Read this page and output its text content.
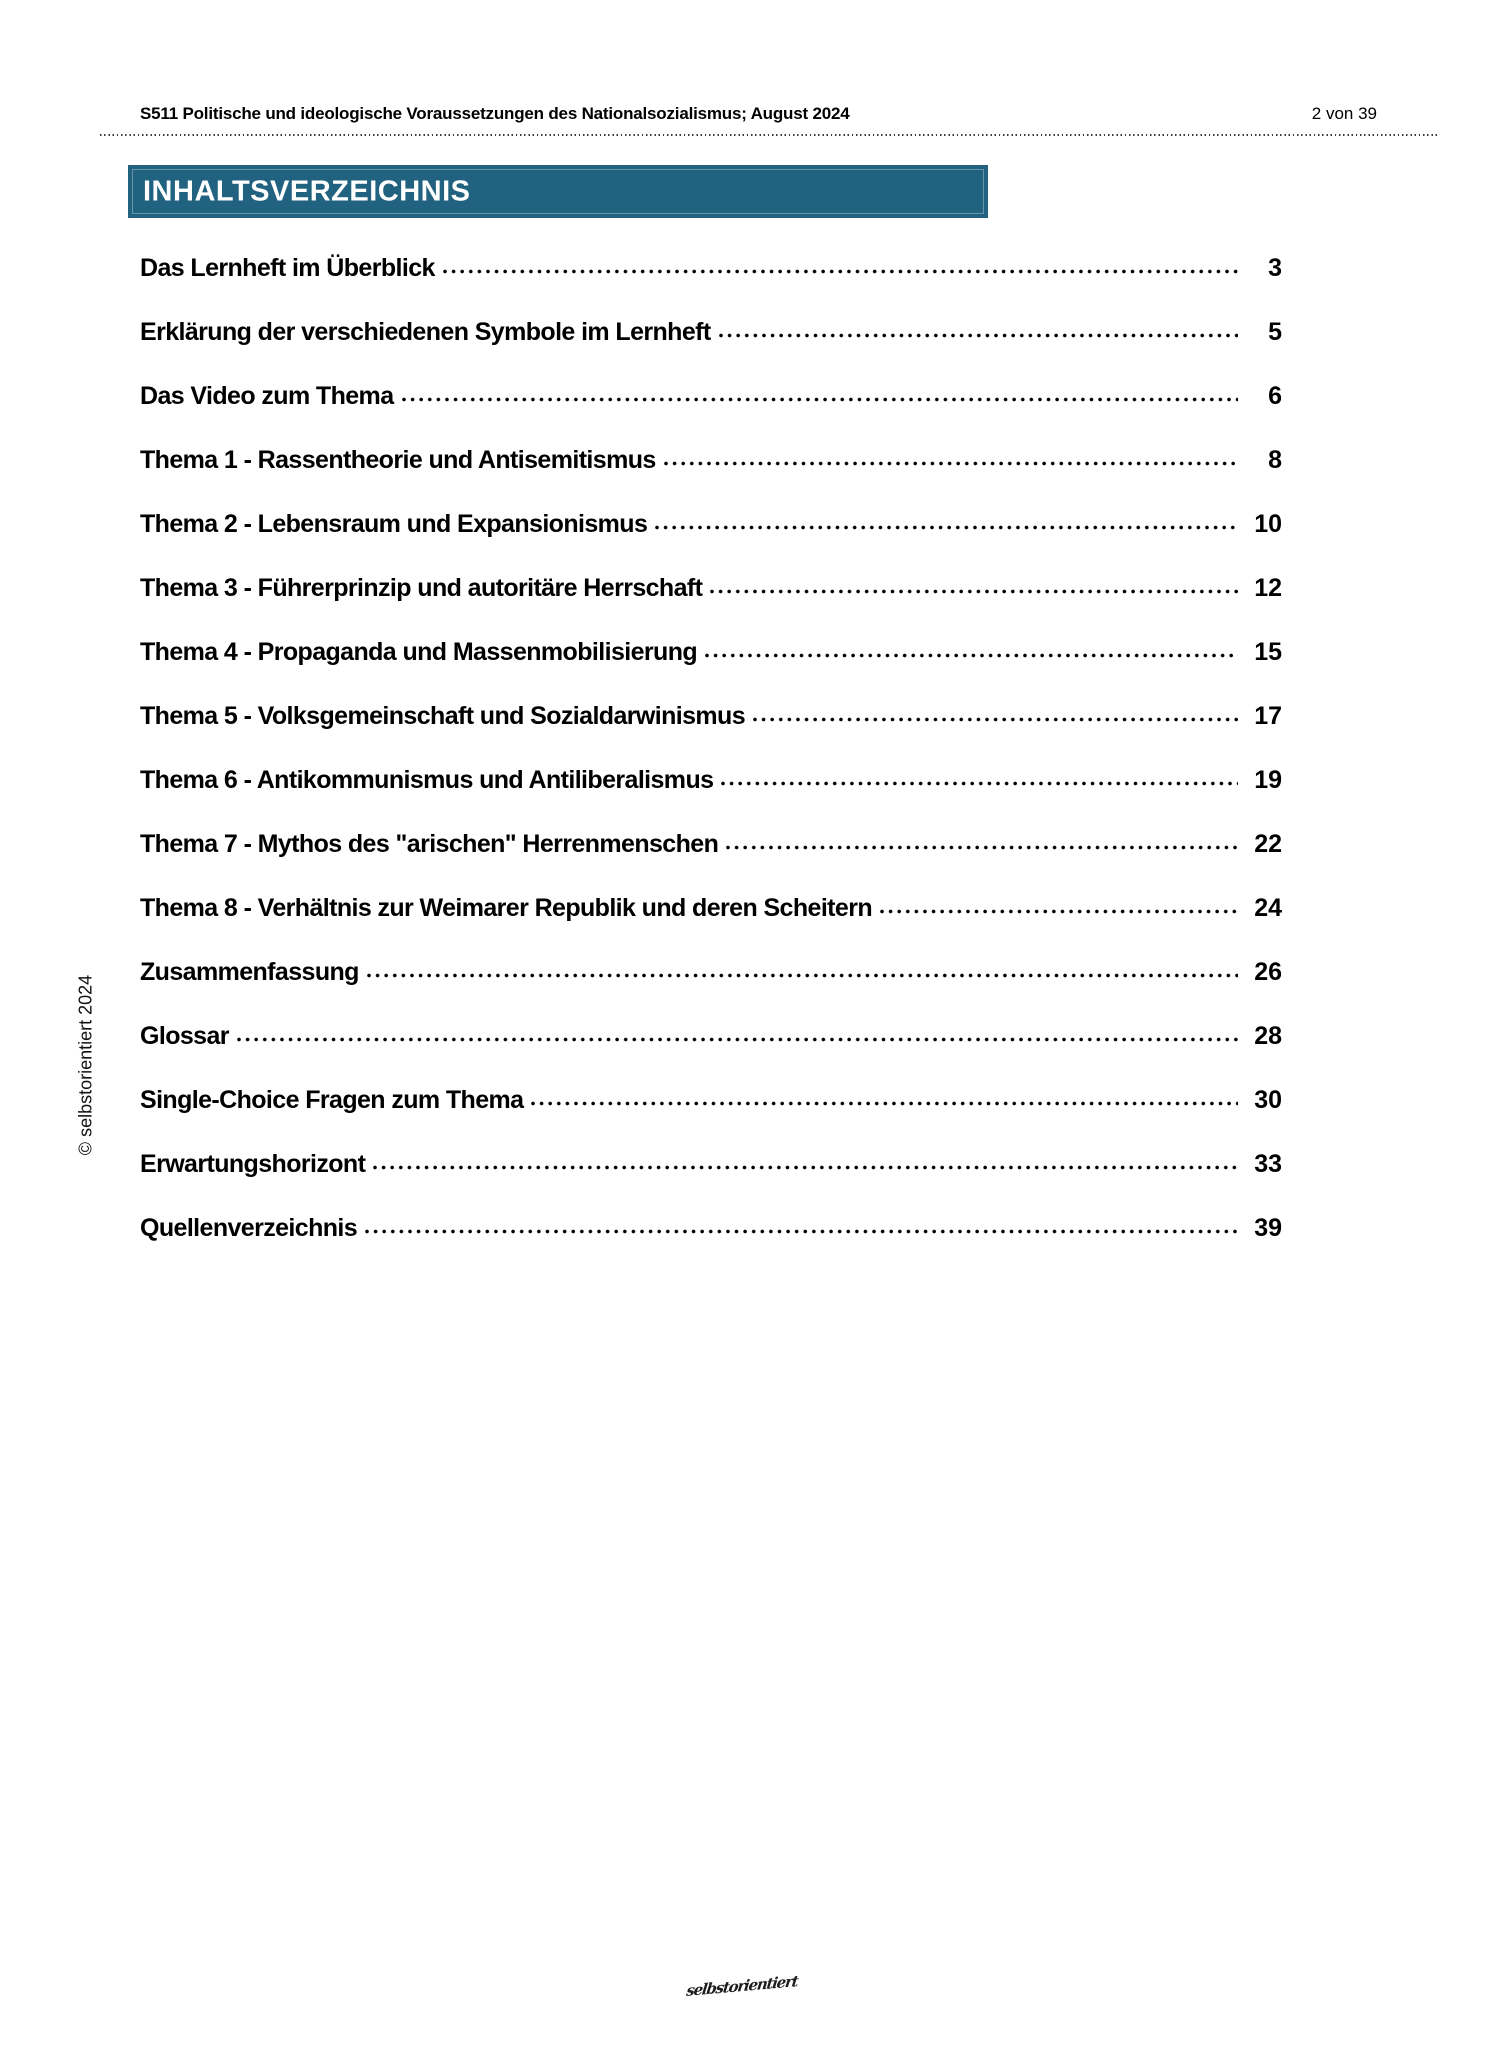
S511 Politische und ideologische Voraussetzungen des Nationalsozialismus; August 2024	2 von 39
INHALTSVERZEICHNIS
Das Lernheft im Überblick	3
Erklärung der verschiedenen Symbole im Lernheft	5
Das Video zum Thema	6
Thema 1 - Rassentheorie und Antisemitismus	8
Thema 2 - Lebensraum und Expansionismus	10
Thema 3 - Führerprinzip und autoritäre Herrschaft	12
Thema 4 - Propaganda und Massenmobilisierung	15
Thema 5 - Volksgemeinschaft und Sozialdarwinismus	17
Thema 6 - Antikommunismus und Antiliberalismus	19
Thema 7 - Mythos des "arischen" Herrenmenschen	22
Thema 8 - Verhältnis zur Weimarer Republik und deren Scheitern	24
Zusammenfassung	26
Glossar	28
Single-Choice Fragen zum Thema	30
Erwartungshorizont	33
Quellenverzeichnis	39
© selbstorientiert 2024
selbstorientiert
